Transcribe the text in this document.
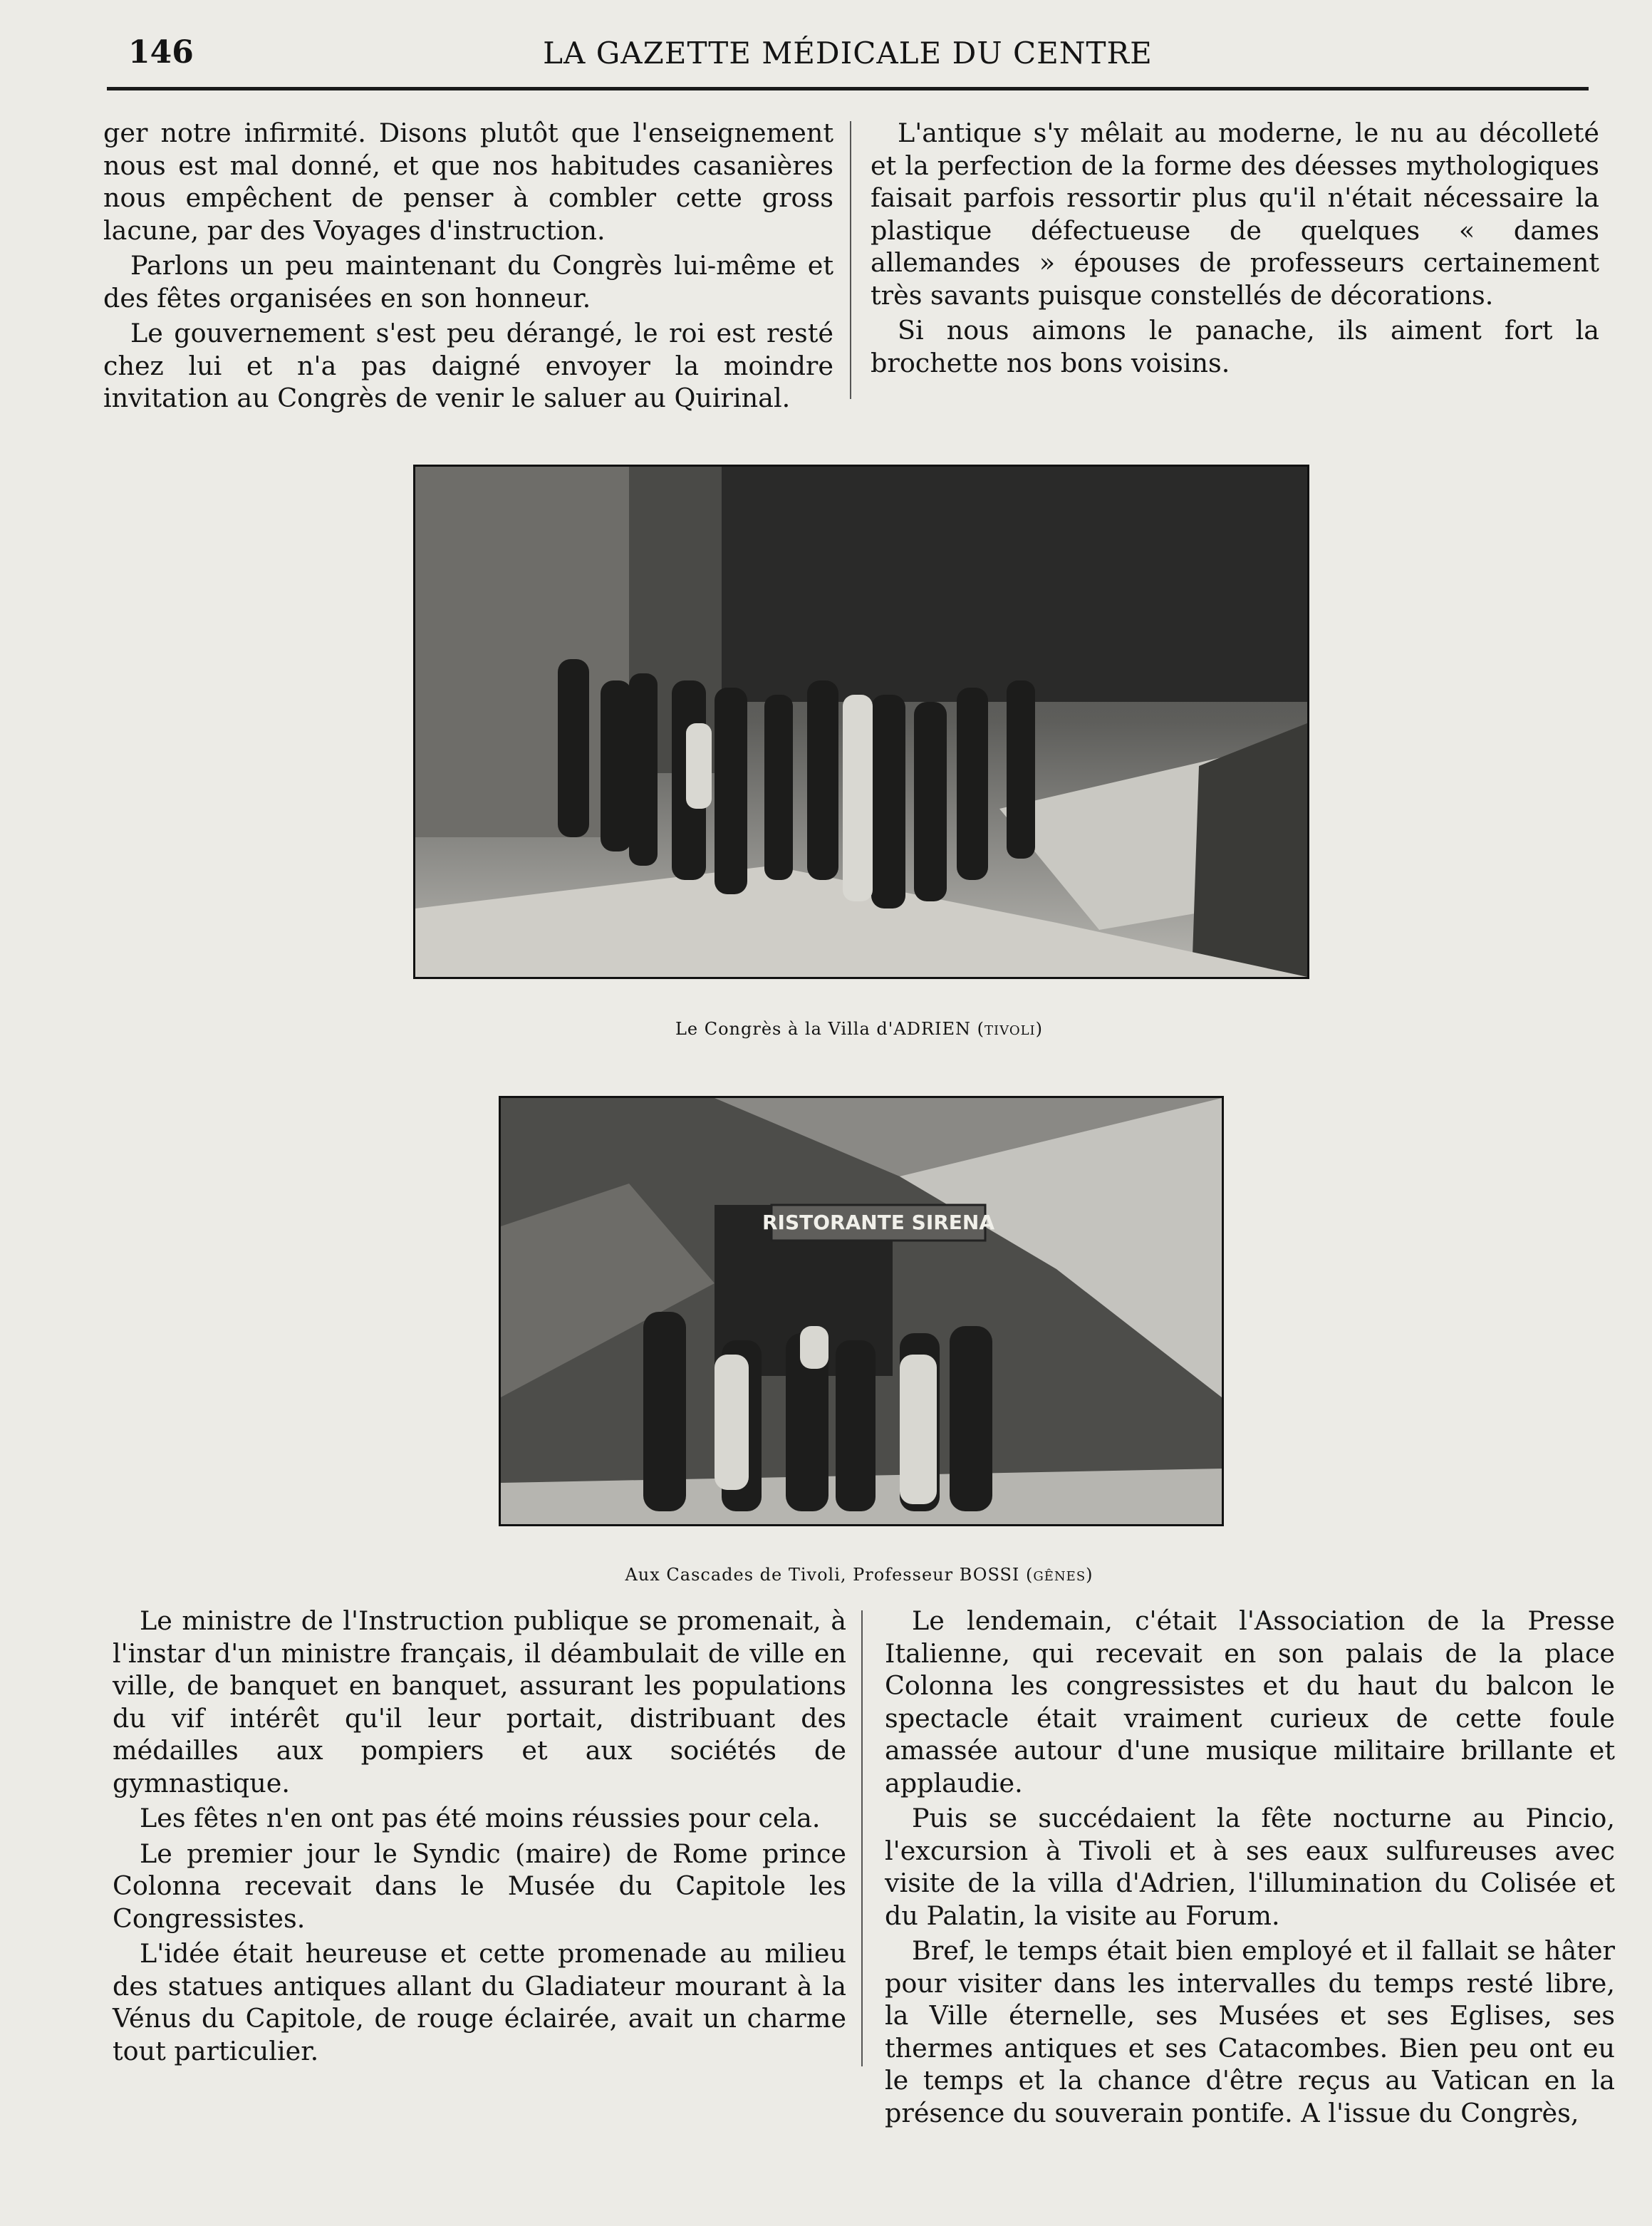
146	LA GAZETTE MÉDICALE DU CENTRE

ger notre infirmité. Disons plutôt que l'enseignement nous est mal donné, et que nos habitudes casanières nous empêchent de penser à combler cette gross lacune, par des Voyages d'instruction.

Parlons un peu maintenant du Congrès lui-même et des fêtes organisées en son honneur.

Le gouvernement s'est peu dérangé, le roi est resté chez lui et n'a pas daigné envoyer la moindre invitation au Congrès de venir le saluer au Quirinal.

L'antique s'y mêlait au moderne, le nu au décolleté et la perfection de la forme des déesses mythologiques faisait parfois ressortir plus qu'il n'était nécessaire la plastique défectueuse de quelques « dames allemandes » épouses de professeurs certainement très savants puisque constellés de décorations.

Si nous aimons le panache, ils aiment fort la brochette nos bons voisins.

Le Congrès à la Villa d'ADRIEN (TIVOLI)
RISTORANTE SIRENA
Aux Cascades de Tivoli, Professeur BOSSI (GÊNES)

Le ministre de l'Instruction publique se promenait, à l'instar d'un ministre français, il déambulait de ville en ville, de banquet en banquet, assurant les populations du vif intérêt qu'il leur portait, distribuant des médailles aux pompiers et aux sociétés de gymnastique.

Les fêtes n'en ont pas été moins réussies pour cela.

Le premier jour le Syndic (maire) de Rome prince Colonna recevait dans le Musée du Capitole les Congressistes.

L'idée était heureuse et cette promenade au milieu des statues antiques allant du Gladiateur mourant à la Vénus du Capitole, de rouge éclairée, avait un charme tout particulier.

Le lendemain, c'était l'Association de la Presse Italienne, qui recevait en son palais de la place Colonna les congressistes et du haut du balcon le spectacle était vraiment curieux de cette foule amassée autour d'une musique militaire brillante et applaudie.

Puis se succédaient la fête nocturne au Pincio, l'excursion à Tivoli et à ses eaux sulfureuses avec visite de la villa d'Adrien, l'illumination du Colisée et du Palatin, la visite au Forum.

Bref, le temps était bien employé et il fallait se hâter pour visiter dans les intervalles du temps resté libre, la Ville éternelle, ses Musées et ses Eglises, ses thermes antiques et ses Catacombes. Bien peu ont eu le temps et la chance d'être reçus au Vatican en la présence du souverain pontife. A l'issue du Congrès,
